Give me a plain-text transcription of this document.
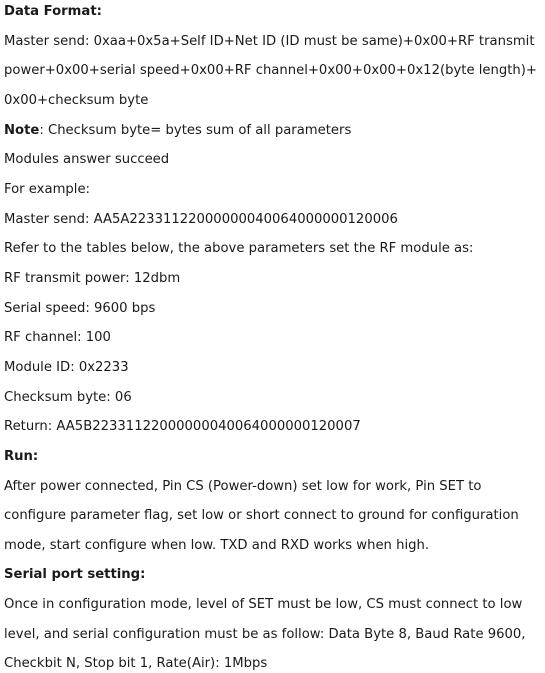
Data Format:
Master send: 0xaa+0x5a+Self ID+Net ID (ID must be same)+0x00+RF transmit
power+0x00+serial speed+0x00+RF channel+0x00+0x00+0x12(byte length)+
0x00+checksum byte
Note: Checksum byte= bytes sum of all parameters
Modules answer succeed
For example:
Master send: AA5A22331122000000040064000000120006
Refer to the tables below, the above parameters set the RF module as:
RF transmit power: 12dbm
Serial speed: 9600 bps
RF channel: 100
Module ID: 0x2233
Checksum byte: 06
Return: AA5B22331122000000040064000000120007
Run:
After power connected, Pin CS (Power-down) set low for work, Pin SET to
configure parameter flag, set low or short connect to ground for configuration
mode, start configure when low. TXD and RXD works when high.
Serial port setting:
Once in configuration mode, level of SET must be low, CS must connect to low
level, and serial configuration must be as follow: Data Byte 8, Baud Rate 9600,
Checkbit N, Stop bit 1, Rate(Air): 1Mbps
